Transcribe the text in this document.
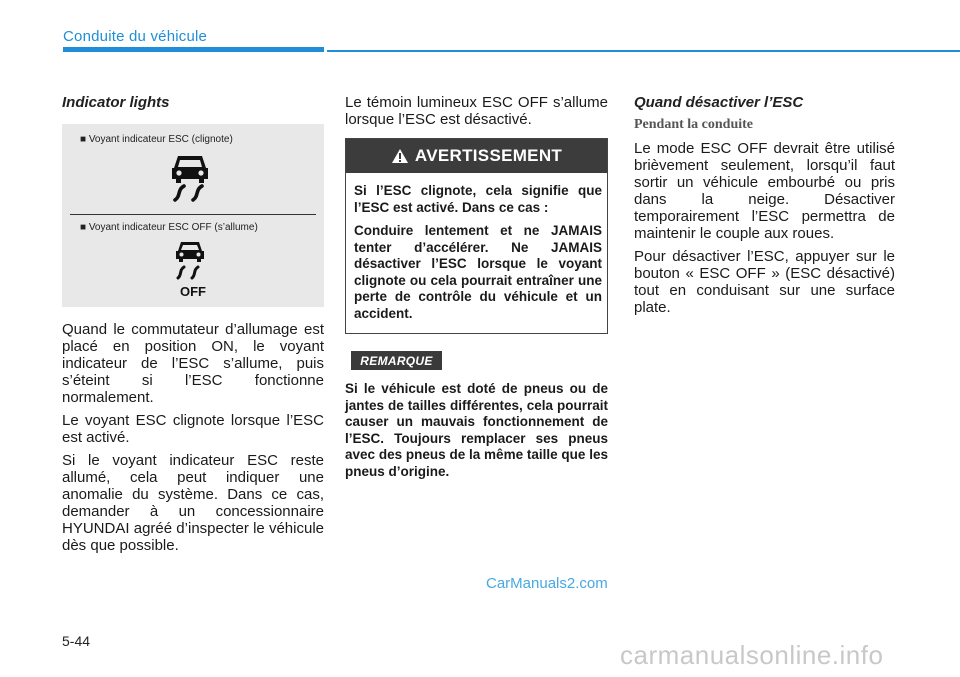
Conduite du véhicule
Indicator lights
■ Voyant indicateur ESC (clignote)
■ Voyant indicateur ESC OFF (s’allume)
OFF

Quand le commutateur d’allumage est placé en position ON, le voyant indicateur de l’ESC s’allume, puis s’éteint si l’ESC fonctionne normalement.

Le voyant ESC clignote lorsque l’ESC est activé.

Si le voyant indicateur ESC reste allumé, cela peut indiquer une anomalie du système. Dans ce cas, demander à un concessionnaire HYUNDAI agréé d’inspecter le véhicule dès que possible.

Le témoin lumineux ESC OFF s’allume lorsque l’ESC est désactivé.
AVERTISSEMENT

Si l’ESC clignote, cela signifie que l’ESC est activé. Dans ce cas :

Conduire lentement et ne JAMAIS tenter d’accélérer. Ne JAMAIS désactiver l’ESC lorsque le voyant clignote ou cela pourrait entraîner une perte de contrôle du véhicule et un accident.

REMARQUE
Si le véhicule est doté de pneus ou de jantes de tailles différentes, cela pourrait causer un mauvais fonctionnement de l’ESC. Toujours remplacer ses pneus avec des pneus de la même taille que les pneus d’origine.
Quand désactiver l’ESC
Pendant la conduite

Le mode ESC OFF devrait être utilisé brièvement seulement, lorsqu’il faut sortir un véhicule embourbé ou pris dans la neige. Désactiver temporairement l’ESC permettra de maintenir le couple aux roues.

Pour désactiver l’ESC, appuyer sur le bouton « ESC OFF » (ESC désactivé) tout en conduisant sur une surface plate.

CarManuals2.com
5-44	carmanualsonline.info
